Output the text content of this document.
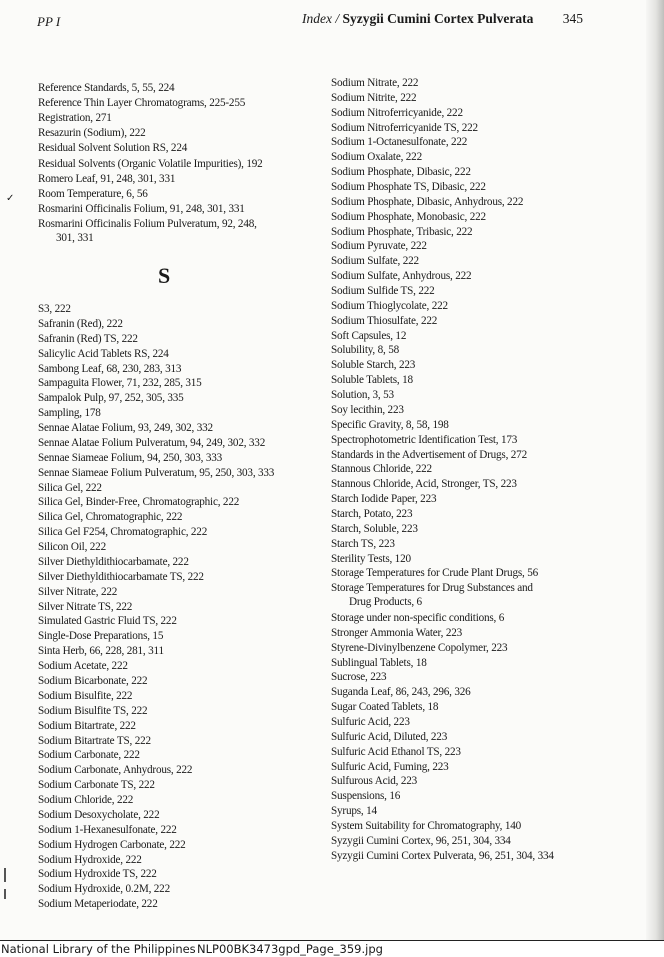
PP I	Index / Syzygii Cumini Cortex Pulverata 345
Reference Standards, 5, 55, 224
Reference Thin Layer Chromatograms, 225-255
Registration, 271
Resazurin (Sodium), 222
Residual Solvent Solution RS, 224
Residual Solvents (Organic Volatile Impurities), 192
Romero Leaf, 91, 248, 301, 331
Room Temperature, 6, 56
Rosmarini Officinalis Folium, 91, 248, 301, 331
Rosmarini Officinalis Folium Pulveratum, 92, 248,
301, 331
S3, 222
Safranin (Red), 222
Safranin (Red) TS, 222
Salicylic Acid Tablets RS, 224
Sambong Leaf, 68, 230, 283, 313
Sampaguita Flower, 71, 232, 285, 315
Sampalok Pulp, 97, 252, 305, 335
Sampling, 178
Sennae Alatae Folium, 93, 249, 302, 332
Sennae Alatae Folium Pulveratum, 94, 249, 302, 332
Sennae Siameae Folium, 94, 250, 303, 333
Sennae Siameae Folium Pulveratum, 95, 250, 303, 333
Silica Gel, 222
Silica Gel, Binder-Free, Chromatographic, 222
Silica Gel, Chromatographic, 222
Silica Gel F254, Chromatographic, 222
Silicon Oil, 222
Silver Diethyldithiocarbamate, 222
Silver Diethyldithiocarbamate TS, 222
Silver Nitrate, 222
Silver Nitrate TS, 222
Simulated Gastric Fluid TS, 222
Single-Dose Preparations, 15
Sinta Herb, 66, 228, 281, 311
Sodium Acetate, 222
Sodium Bicarbonate, 222
Sodium Bisulfite, 222
Sodium Bisulfite TS, 222
Sodium Bitartrate, 222
Sodium Bitartrate TS, 222
Sodium Carbonate, 222
Sodium Carbonate, Anhydrous, 222
Sodium Carbonate TS, 222
Sodium Chloride, 222
Sodium Desoxycholate, 222
Sodium 1-Hexanesulfonate, 222
Sodium Hydrogen Carbonate, 222
Sodium Hydroxide, 222
Sodium Hydroxide TS, 222
Sodium Hydroxide, 0.2M, 222
Sodium Metaperiodate, 222
S
Sodium Nitrate, 222
Sodium Nitrite, 222
Sodium Nitroferricyanide, 222
Sodium Nitroferricyanide TS, 222
Sodium 1-Octanesulfonate, 222
Sodium Oxalate, 222
Sodium Phosphate, Dibasic, 222
Sodium Phosphate TS, Dibasic, 222
Sodium Phosphate, Dibasic, Anhydrous, 222
Sodium Phosphate, Monobasic, 222
Sodium Phosphate, Tribasic, 222
Sodium Pyruvate, 222
Sodium Sulfate, 222
Sodium Sulfate, Anhydrous, 222
Sodium Sulfide TS, 222
Sodium Thioglycolate, 222
Sodium Thiosulfate, 222
Soft Capsules, 12
Solubility, 8, 58
Soluble Starch, 223
Soluble Tablets, 18
Solution, 3, 53
Soy lecithin, 223
Specific Gravity, 8, 58, 198
Spectrophotometric Identification Test, 173
Standards in the Advertisement of Drugs, 272
Stannous Chloride, 222
Stannous Chloride, Acid, Stronger, TS, 223
Starch Iodide Paper, 223
Starch, Potato, 223
Starch, Soluble, 223
Starch TS, 223
Sterility Tests, 120
Storage Temperatures for Crude Plant Drugs, 56
Storage Temperatures for Drug Substances and
Drug Products, 6
Storage under non-specific conditions, 6
Stronger Ammonia Water, 223
Styrene-Divinylbenzene Copolymer, 223
Sublingual Tablets, 18
Sucrose, 223
Suganda Leaf, 86, 243, 296, 326
Sugar Coated Tablets, 18
Sulfuric Acid, 223
Sulfuric Acid, Diluted, 223
Sulfuric Acid Ethanol TS, 223
Sulfuric Acid, Fuming, 223
Sulfurous Acid, 223
Suspensions, 16
Syrups, 14
System Suitability for Chromatography, 140
Syzygii Cumini Cortex, 96, 251, 304, 334
Syzygii Cumini Cortex Pulverata, 96, 251, 304, 334
✓
National Library of the Philippines NLP00BK3473gpd_Page_359.jpg
